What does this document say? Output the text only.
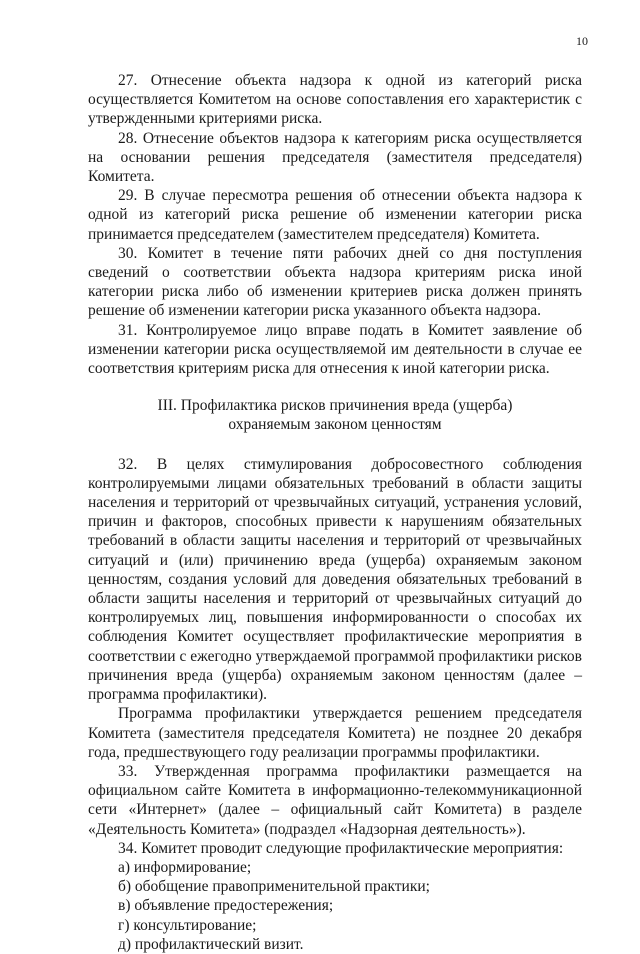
10

27. Отнесение объекта надзора к одной из категорий риска осуществляется Комитетом на основе сопоставления его характеристик с утвержденными критериями риска.

28. Отнесение объектов надзора к категориям риска осуществляется на основании решения председателя (заместителя председателя) Комитета.

29. В случае пересмотра решения об отнесении объекта надзора к одной из категорий риска решение об изменении категории риска принимается председателем (заместителем председателя) Комитета.

30. Комитет в течение пяти рабочих дней со дня поступления сведений о соответствии объекта надзора критериям риска иной категории риска либо об изменении критериев риска должен принять решение об изменении категории риска указанного объекта надзора.

31. Контролируемое лицо вправе подать в Комитет заявление об изменении категории риска осуществляемой им деятельности в случае ее соответствия критериям риска для отнесения к иной категории риска.

III. Профилактика рисков причинения вреда (ущерба)
охраняемым законом ценностям

32. В целях стимулирования добросовестного соблюдения контролируемыми лицами обязательных требований в области защиты населения и территорий от чрезвычайных ситуаций, устранения условий, причин и факторов, способных привести к нарушениям обязательных требований в области защиты населения и территорий от чрезвычайных ситуаций и (или) причинению вреда (ущерба) охраняемым законом ценностям, создания условий для доведения обязательных требований в области защиты населения и территорий от чрезвычайных ситуаций до контролируемых лиц, повышения информированности о способах их соблюдения Комитет осуществляет профилактические мероприятия в соответствии с ежегодно утверждаемой программой профилактики рисков причинения вреда (ущерба) охраняемым законом ценностям (далее – программа профилактики).

Программа профилактики утверждается решением председателя Комитета (заместителя председателя Комитета) не позднее 20 декабря года, предшествующего году реализации программы профилактики.

33. Утвержденная программа профилактики размещается на официальном сайте Комитета в информационно-телекоммуникационной сети «Интернет» (далее – официальный сайт Комитета) в разделе «Деятельность Комитета» (подраздел «Надзорная деятельность»).

34. Комитет проводит следующие профилактические мероприятия:

а) информирование;
б) обобщение правоприменительной практики;
в) объявление предостережения;
г) консультирование;
д) профилактический визит.
